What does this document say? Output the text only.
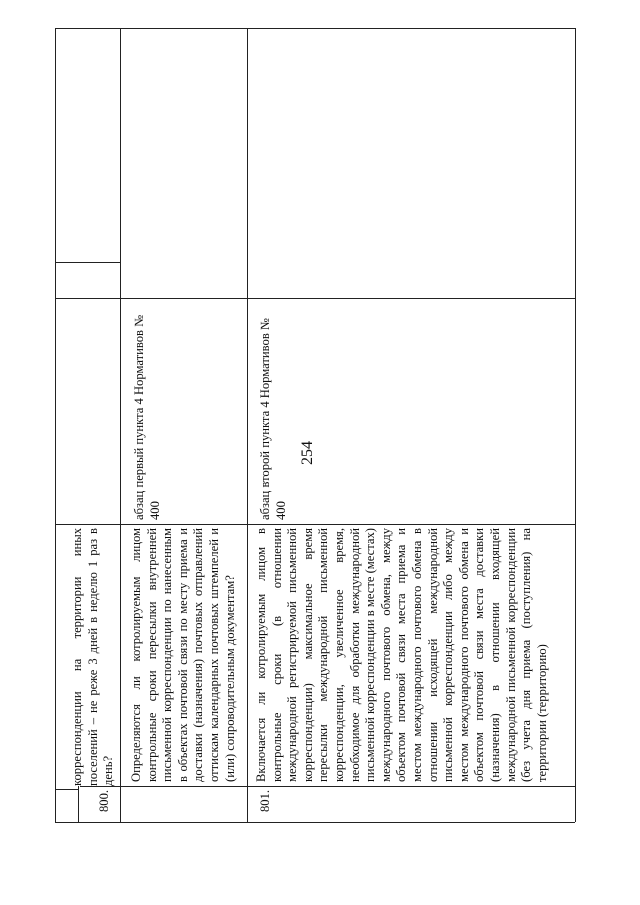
254
корреспонденции на территории иных поселений – не реже 3 дней в неделю 1 раз в день?
800.
Определяются ли котролируемым лицом контрольные сроки пересылки внутренней письменной корреспонденции по нанесенным в объектах почтовой связи по месту приема и доставки (назначения) почтовых отправлений оттискам календарных почтовых штемпелей и (или) сопроводительным документам?
абзац первый пункта 4 Нормативов № 400
801.
Включается ли котролируемым лицом в контрольные сроки (в отношении международной регистрируемой письменной корреспонденции) максимальное время пересылки международной письменной корреспонденции, увеличенное время, необходимое для обработки международной письменной корреспонденции в месте (местах) международного почтового обмена, между объектом почтовой связи места приема и местом международного почтового обмена в отношении исходящей международной письменной корреспонденции либо между местом международного почтового обмена и объектом почтовой связи места доставки (назначения) в отношении входящей международной письменной корреспонденции (без учета дня приема (поступления) на территории (территорию)
абзац второй пункта 4 Нормативов № 400
